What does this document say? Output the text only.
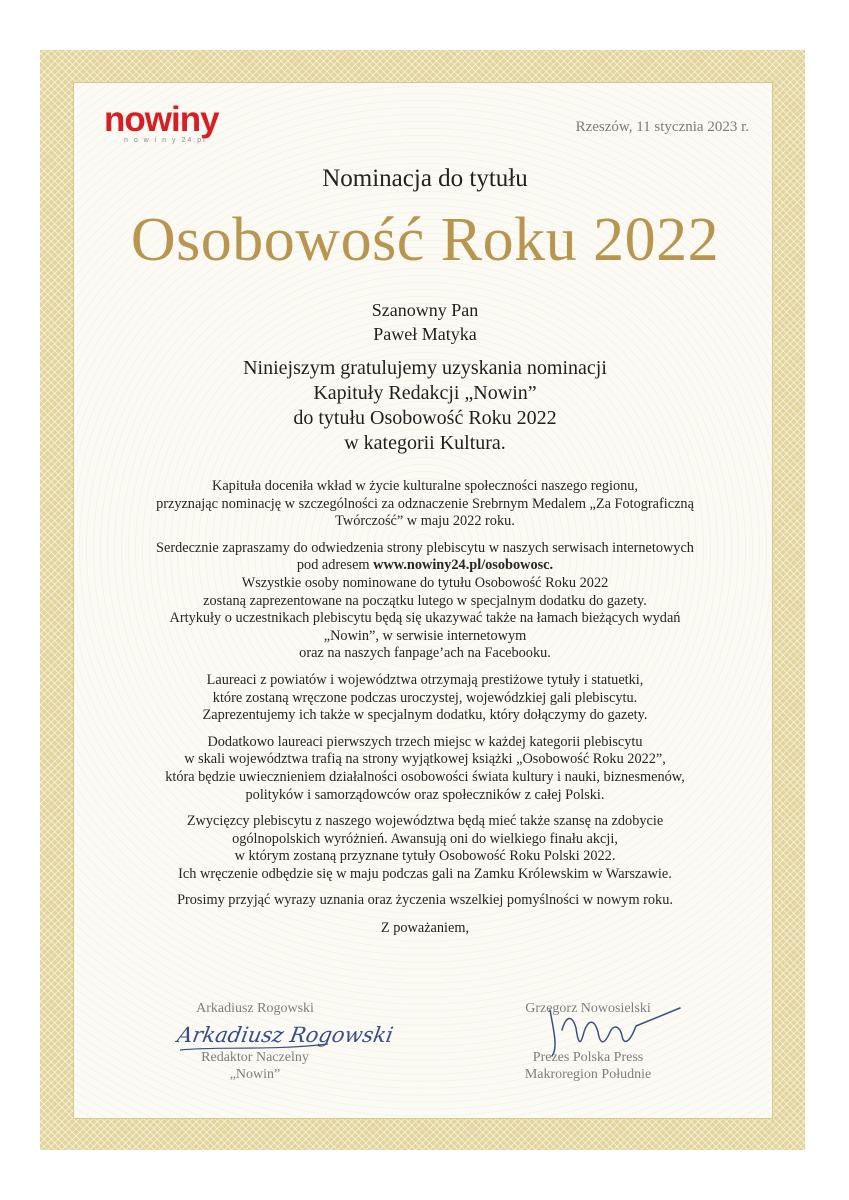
nowiny
n o w i n y 24.pl
Rzeszów, 11 stycznia 2023 r.
Nominacja do tytułu
Osobowość Roku 2022
Szanowny Pan
Paweł Matyka
Niniejszym gratulujemy uzyskania nominacji
Kapituły Redakcji „Nowin”
do tytułu Osobowość Roku 2022
w kategorii Kultura.

Kapituła doceniła wkład w życie kulturalne społeczności naszego regionu,
przyznając nominację w szczególności za odznaczenie Srebrnym Medalem „Za Fotograficzną
Twórczość” w maju 2022 roku.

Serdecznie zapraszamy do odwiedzenia strony plebiscytu w naszych serwisach internetowych
pod adresem www.nowiny24.pl/osobowosc.
Wszystkie osoby nominowane do tytułu Osobowość Roku 2022
zostaną zaprezentowane na początku lutego w specjalnym dodatku do gazety.
Artykuły o uczestnikach plebiscytu będą się ukazywać także na łamach bieżących wydań
„Nowin”, w serwisie internetowym
oraz na naszych fanpage’ach na Facebooku.

Laureaci z powiatów i województwa otrzymają prestiżowe tytuły i statuetki,
które zostaną wręczone podczas uroczystej, wojewódzkiej gali plebiscytu.
Zaprezentujemy ich także w specjalnym dodatku, który dołączymy do gazety.

Dodatkowo laureaci pierwszych trzech miejsc w każdej kategorii plebiscytu
w skali województwa trafią na strony wyjątkowej książki „Osobowość Roku 2022”,
która będzie uwiecznieniem działalności osobowości świata kultury i nauki, biznesmenów,
polityków i samorządowców oraz społeczników z całej Polski.

Zwycięzcy plebiscytu z naszego województwa będą mieć także szansę na zdobycie
ogólnopolskich wyróżnień. Awansują oni do wielkiego finału akcji,
w którym zostaną przyznane tytuły Osobowość Roku Polski 2022.
Ich wręczenie odbędzie się w maju podczas gali na Zamku Królewskim w Warszawie.

Prosimy przyjąć wyrazy uznania oraz życzenia wszelkiej pomyślności w nowym roku.

Z poważaniem,
Arkadiusz Rogowski
Redaktor Naczelny
„Nowin”
Grzegorz Nowosielski
Prezes Polska Press
Makroregion Południe
Arkadiusz Rogowski
